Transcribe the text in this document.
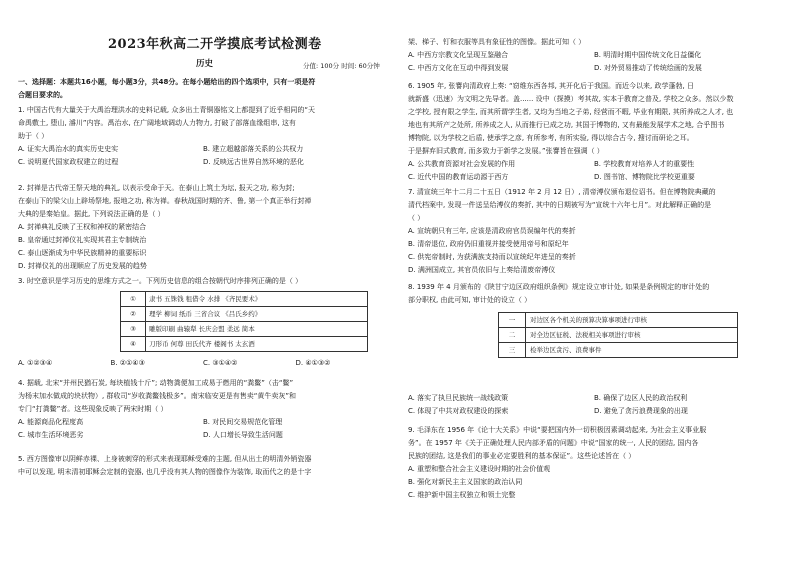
2023年秋高二开学摸底考试检测卷
历史	分值: 100分 时间: 60分钟
一、选择题：本题共16小题，每小题3分，共48分。在每小题给出的四个选项中，只有一项是符
合题目要求的。
1. 中国古代有大量关于大禹治理洪水的史料记载, 众多出土青铜器铭文上都提到了近乎相同的“天
命禹敷土, 堕山, 濬川”内容。禹治水, 在广阔地域调动人力物力, 打破了部落血缘组串, 这有
助于（ ）
A. 证实大禹治水的真实历史史实	B. 建立超越部落关系的公共权力
C. 说明夏代国家政权建立的过程	D. 反映远古世界自然环境的恶化
2. 封禅是古代帝王祭天地的典礼, 以表示受命于天。在泰山上筑土为坛, 报天之功, 称为封;
在泰山下的梁父山上辟场祭地, 报地之功, 称为禅。春秋战国时期的齐、鲁, 第一个真正举行封禅
大典的是秦始皇。据此, 下列说法正确的是（ ）
A. 封禅典礼反映了王权和神权的紧密结合
B. 皇帝通过封禅仪礼实现其君主专制统治
C. 泰山逐渐成为中华民族精神的重要标识
D. 封禅仪礼的出现顺应了历史发展的趋势
3. 时空意识是学习历史的思维方式之一。下列历史信息的组合按朝代时序排列正确的是（ ）
①	隶书 五铢钱 租借令 水排 《齐民要术》
②	理学 柳词 纸币 三省合议 《吕氏乡约》
③	雕版印刷 曲辕犁 长庆会盟 柔远 简本
④	刀形币 何尊 田氏代齐 楼阁书 太玄酒
A. ①②③④	B. ②①④③	C. ③①④②	D. ④①③②
4. 据载, 北宋“并州民猶石炭, 每块植钱十斤”; 动物粪便加工成易于燃用的“粪鳖”（击“鳖”
为杨末加水做成的块状物）, 群收司“岁收粪鳖钱极多”。南宋临安更是有售卖“黄牛卖灰”和
专门“打粪鳖”者。这些现象反映了两宋时期（ ）
A. 能源商品化程度高	B. 对民间交易规范化管理
C. 城市生活环境恶劣	D. 人口增长导致生活问题
5. 西方图像审以阴鲜赤裸、上身被刺穿的形式来表现耶稣受难的主题, 但从出土的明清外销瓷器
中可以发现, 明末清初耶稣会定制的瓷器, 也几乎没有其人物的图像作为装饰, 取而代之的是十字
架、梯子、钉和衣服等具有象征性的图像。据此可知（ ）
A. 中西方宗教文化呈现互鉴融合	B. 明清时期中国传统文化日益僵化
C. 中西方文化在互动中得到发展	D. 对外贸易推动了传统绘画的发展
6. 1905 年, 张謇向清政府上奏: “窃维东西各邦, 其开化后于我国。而近今以来, 政学蓬勃, 日
就新盛（迅速）为文明之先导者。盖...... 设中（探摸）考其故, 实本于教育之普及, 学校之众多。然以少数
之学校, 授有限之学生, 而其所谓学生者, 又均为当地之子弟, 经营而不暇, 毕业有期限, 其所养成之人才, 也
地也有其所产之处所, 所养成之人, 从而推行已成之功, 其国于博物的, 又有最能发展学术之地, 合乎图书
博物院, 以为学校之后盾, 使承学之彦, 有所参考, 有所实验, 得以综合古今, 搜讨而研论之耳。
于是摒弃旧式教育, 而多致力于新学之发展。”张謇旨在强调（ ）
A. 公共教育资源对社会发展的作用	B. 学校教育对培养人才的重要性
C. 近代中国的教育运动源于西方	D. 图书馆、博物院比学校更重要
7. 清宣统三年十二月二十五日（1912 年 2 月 12 日）, 清帝溥仪颁布退位诏书。但在博物院典藏的
清代档案中, 发现一件送呈给溥仪的奏折, 其中的日期被写为“宣统十六年七月”。对此解释正确的是
（ ）
A. 宣统朝只有三年, 应该是清政府官员误编年代的奏折
B. 清帝退位, 政府仍旧重视并接受使用帝号和原纪年
C. 供宪帝制时, 为获满族支持而以宣统纪年进呈的奏折
D. 满洲国成立, 其官员依旧与上奏给清废帝溥仪
8. 1939 年 4 月颁布的《陕甘宁边区政府组织条例》规定设立审计处, 如果是条例规定的审计处的
部分职权, 由此可知, 审计处的设立（ ）
一	对边区各个机关的预算决算事项进行审核
二	对全边区征税、法税相关事项进行审核
三	检举边区贪污、浪费事件
A. 落实了执旦民族统一战线政策	B. 确保了边区人民的政治权利
C. 体现了中共对政权建设的探索	D. 避免了贪污浪费现象的出现
9. 毛泽东在 1956 年《论十大关系》中说“要把国内外一切积极因素调动起来, 为社会主义事业服
务”。在 1957 年《关于正确处理人民内部矛盾的问题》中说“国家的统一, 人民的团结, 国内各
民族的团结, 这是我们的事业必定要胜利的基本保证”。这些论述旨在（ ）
A. 重塑和整合社会主义建设时期的社会价值观
B. 强化对新民主主义国家的政治认同
C. 维护新中国主权独立和领土完整
